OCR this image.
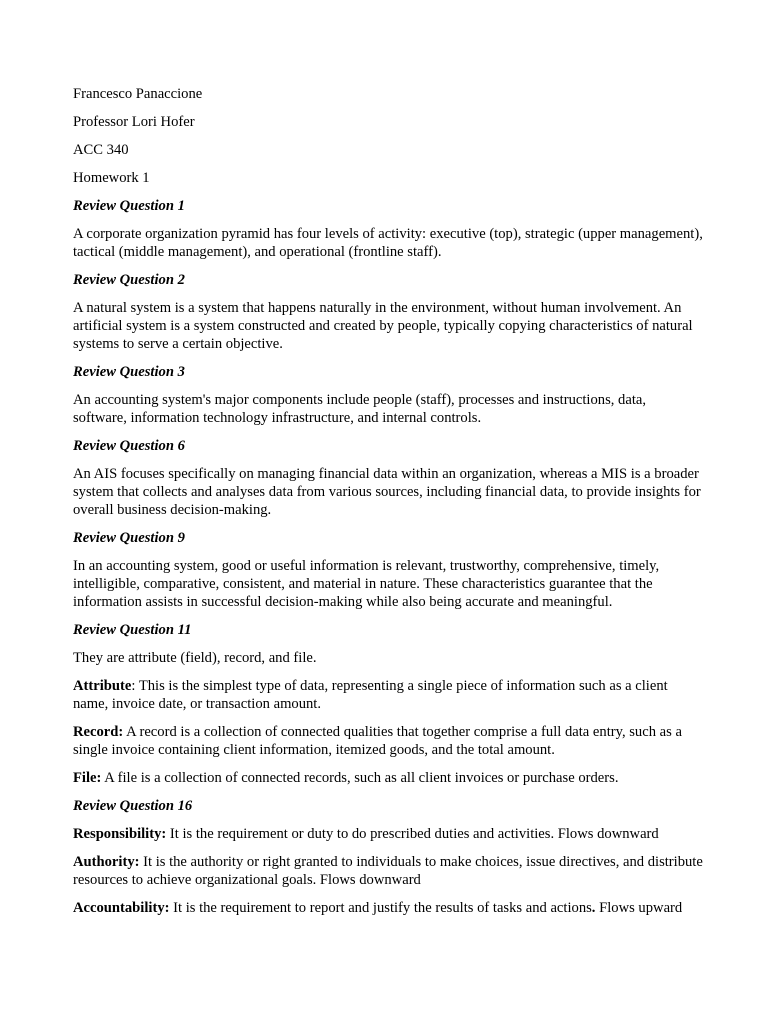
Francesco Panaccione
Professor Lori Hofer
ACC 340
Homework 1
Review Question 1
A corporate organization pyramid has four levels of activity: executive (top), strategic (upper management), tactical (middle management), and operational (frontline staff).
Review Question 2
A natural system is a system that happens naturally in the environment, without human involvement. An artificial system is a system constructed and created by people, typically copying characteristics of natural systems to serve a certain objective.
Review Question 3
An accounting system's major components include people (staff), processes and instructions, data, software, information technology infrastructure, and internal controls.
Review Question 6
An AIS focuses specifically on managing financial data within an organization, whereas a MIS is a broader system that collects and analyses data from various sources, including financial data, to provide insights for overall business decision-making.
Review Question 9
In an accounting system, good or useful information is relevant, trustworthy, comprehensive, timely, intelligible, comparative, consistent, and material in nature. These characteristics guarantee that the information assists in successful decision-making while also being accurate and meaningful.
Review Question 11
They are attribute (field), record, and file.
Attribute: This is the simplest type of data, representing a single piece of information such as a client name, invoice date, or transaction amount.
Record: A record is a collection of connected qualities that together comprise a full data entry, such as a single invoice containing client information, itemized goods, and the total amount.
File: A file is a collection of connected records, such as all client invoices or purchase orders.
Review Question 16
Responsibility: It is the requirement or duty to do prescribed duties and activities. Flows downward
Authority: It is the authority or right granted to individuals to make choices, issue directives, and distribute resources to achieve organizational goals. Flows downward
Accountability: It is the requirement to report and justify the results of tasks and actions. Flows upward
